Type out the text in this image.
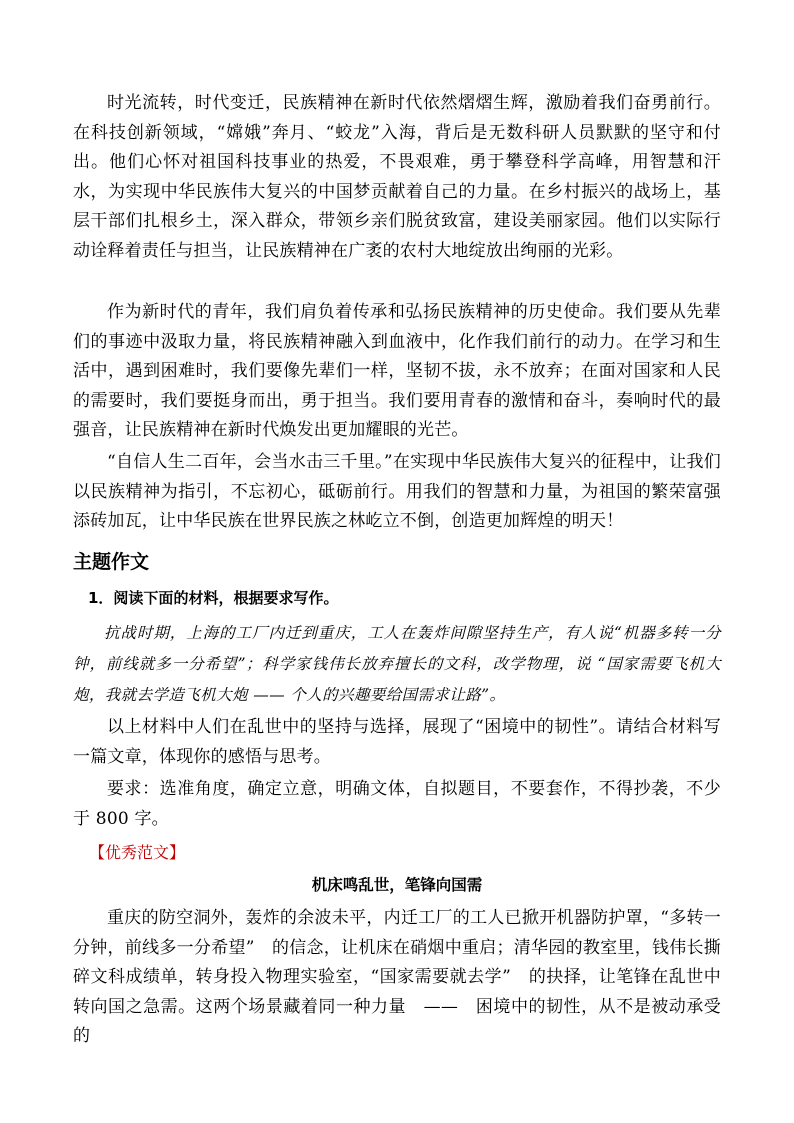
时光流转，时代变迁，民族精神在新时代依然熠熠生辉，激励着我们奋勇前行。在科技创新领域，“嫦娥”奔月、“蛟龙”入海，背后是无数科研人员默默的坚守和付出。他们心怀对祖国科技事业的热爱，不畏艰难，勇于攀登科学高峰，用智慧和汗水，为实现中华民族伟大复兴的中国梦贡献着自己的力量。在乡村振兴的战场上，基层干部们扎根乡土，深入群众，带领乡亲们脱贫致富，建设美丽家园。他们以实际行动诠释着责任与担当，让民族精神在广袤的农村大地绽放出绚丽的光彩。

作为新时代的青年，我们肩负着传承和弘扬民族精神的历史使命。我们要从先辈们的事迹中汲取力量，将民族精神融入到血液中，化作我们前行的动力。在学习和生活中，遇到困难时，我们要像先辈们一样，坚韧不拔，永不放弃；在面对国家和人民的需要时，我们要挺身而出，勇于担当。我们要用青春的激情和奋斗，奏响时代的最强音，让民族精神在新时代焕发出更加耀眼的光芒。

“自信人生二百年，会当水击三千里。”在实现中华民族伟大复兴的征程中，让我们以民族精神为指引，不忘初心，砥砺前行。用我们的智慧和力量，为祖国的繁荣富强添砖加瓦，让中华民族在世界民族之林屹立不倒，创造更加辉煌的明天！

主题作文

1．阅读下面的材料，根据要求写作。

抗战时期，上海的工厂内迁到重庆，工人在轰炸间隙坚持生产，有人说“机器多转一分钟，前线就多一分希望”；科学家钱伟长放弃擅长的文科，改学物理，说 “国家需要飞机大炮，我就去学造飞机大炮 —— 个人的兴趣要给国需求让路”。

以上材料中人们在乱世中的坚持与选择，展现了“困境中的韧性”。请结合材料写一篇文章，体现你的感悟与思考。

要求：选准角度，确定立意，明确文体，自拟题目，不要套作，不得抄袭，不少于 800 字。

【优秀范文】

机床鸣乱世，笔锋向国需

重庆的防空洞外，轰炸的余波未平，内迁工厂的工人已掀开机器防护罩，“多转一分钟，前线多一分希望”　的信念，让机床在硝烟中重启；清华园的教室里，钱伟长撕碎文科成绩单，转身投入物理实验室，“国家需要就去学”　的抉择，让笔锋在乱世中转向国之急需。这两个场景藏着同一种力量　——　困境中的韧性，从不是被动承受的
